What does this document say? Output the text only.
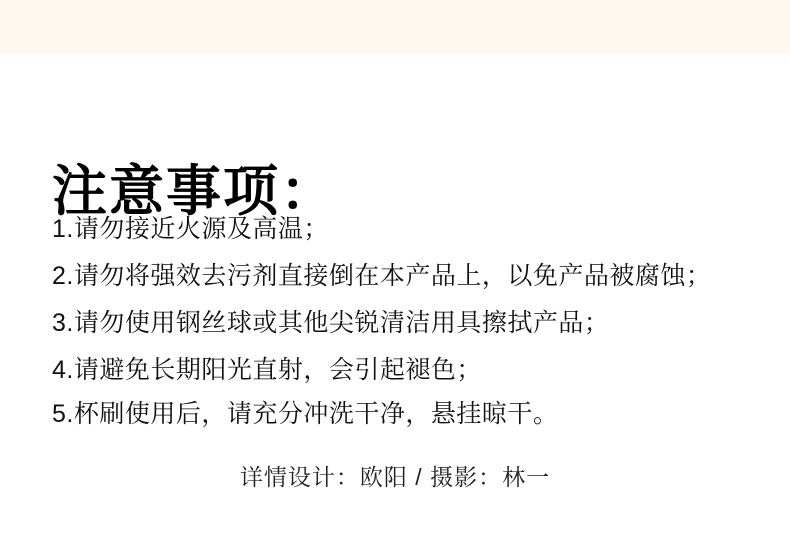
注意事项：
1.请勿接近火源及高温；
2.请勿将强效去污剂直接倒在本产品上，以免产品被腐蚀；
3.请勿使用钢丝球或其他尖锐清洁用具擦拭产品；
4.请避免长期阳光直射，会引起褪色；
5.杯刷使用后，请充分冲洗干净，悬挂晾干。
详情设计：欧阳 / 摄影：林一
